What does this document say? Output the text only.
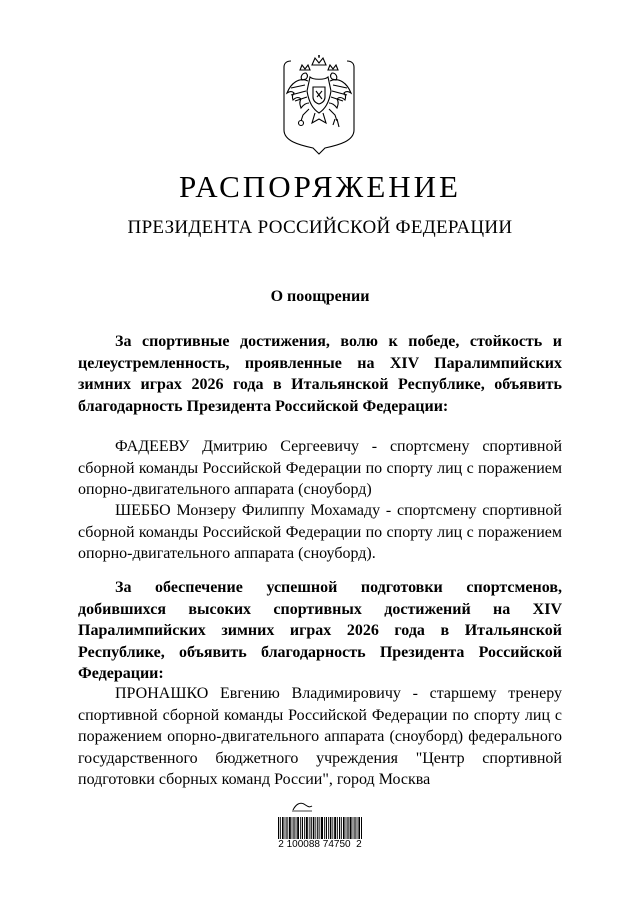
РАСПОРЯЖЕНИЕ
ПРЕЗИДЕНТА РОССИЙСКОЙ ФЕДЕРАЦИИ
О поощрении

За спортивные достижения, волю к победе, стойкость и целеустремленность, проявленные на XIV Паралимпийских зимних играх 2026 года в Итальянской Республике, объявить благодарность Президента Российской Федерации:

ФАДЕЕВУ Дмитрию Сергеевичу - спортсмену спортивной сборной команды Российской Федерации по спорту лиц с поражением опорно-двигательного аппарата (сноуборд)

ШЕББО Монзеру Филиппу Мохамаду - спортсмену спортивной сборной команды Российской Федерации по спорту лиц с поражением опорно-двигательного аппарата (сноуборд).

За обеспечение успешной подготовки спортсменов, добившихся высоких спортивных достижений на XIV Паралимпийских зимних играх 2026 года в Итальянской Республике, объявить благодарность Президента Российской Федерации:

ПРОНАШКО Евгению Владимировичу - старшему тренеру спортивной сборной команды Российской Федерации по спорту лиц с поражением опорно-двигательного аппарата (сноуборд) федерального государственного бюджетного учреждения "Центр спортивной подготовки сборных команд России", город Москва

2 100088 74750  2
